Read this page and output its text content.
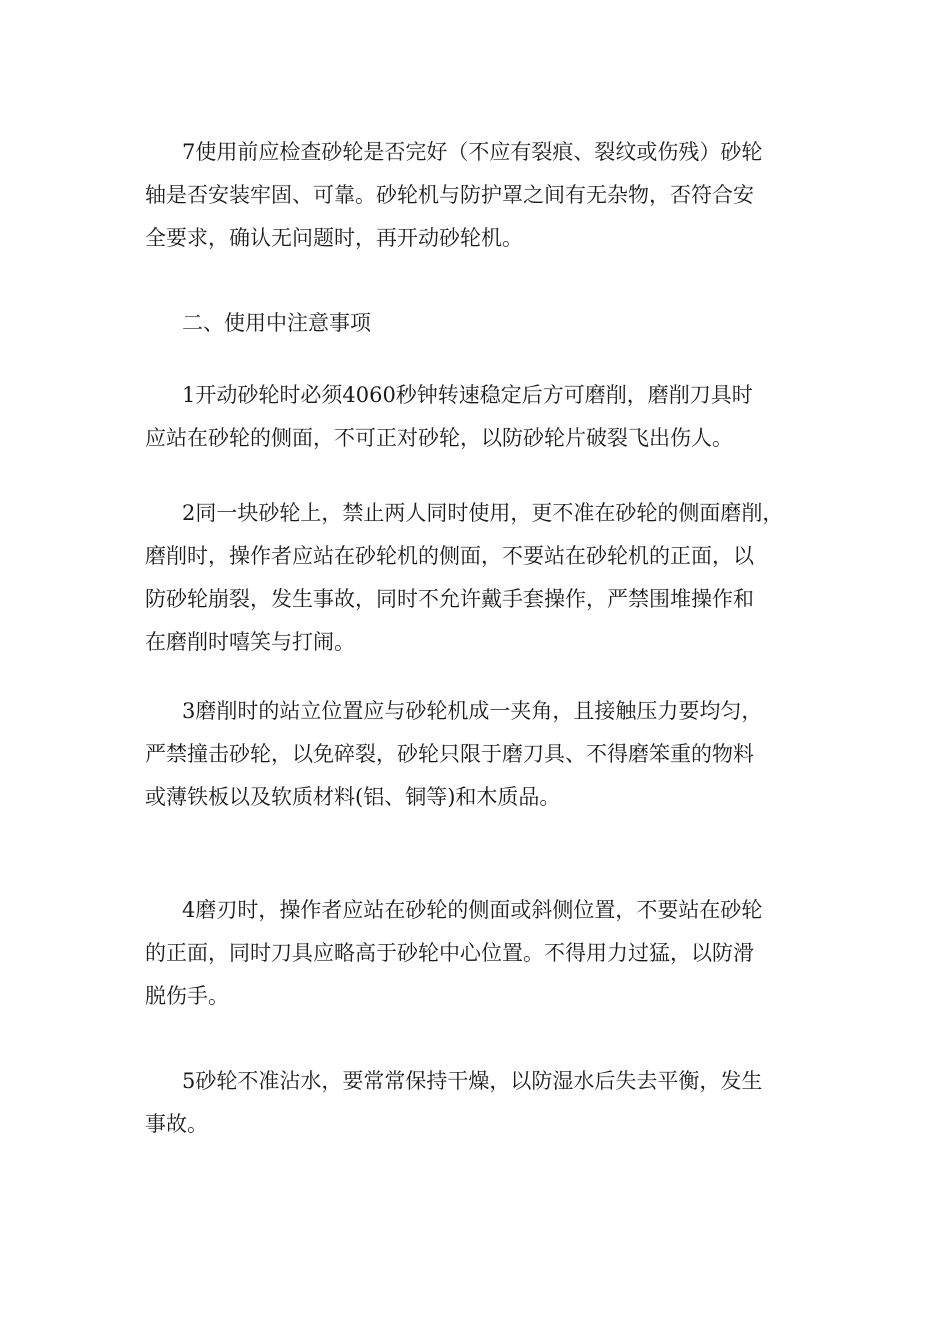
7使用前应检查砂轮是否完好（不应有裂痕、裂纹或伤残）砂轮
轴是否安装牢固、可靠。砂轮机与防护罩之间有无杂物，否符合安
全要求，确认无问题时，再开动砂轮机。

二、使用中注意事项

1开动砂轮时必须4060秒钟转速稳定后方可磨削，磨削刀具时
应站在砂轮的侧面，不可正对砂轮，以防砂轮片破裂飞出伤人。

2同一块砂轮上，禁止两人同时使用，更不准在砂轮的侧面磨削，
磨削时，操作者应站在砂轮机的侧面，不要站在砂轮机的正面，以
防砂轮崩裂，发生事故，同时不允许戴手套操作，严禁围堆操作和
在磨削时嘻笑与打闹。

3磨削时的站立位置应与砂轮机成一夹角，且接触压力要均匀，
严禁撞击砂轮，以免碎裂，砂轮只限于磨刀具、不得磨笨重的物料
或薄铁板以及软质材料(铝、铜等)和木质品。

4磨刃时，操作者应站在砂轮的侧面或斜侧位置，不要站在砂轮
的正面，同时刀具应略高于砂轮中心位置。不得用力过猛，以防滑
脱伤手。

5砂轮不准沾水，要常常保持干燥，以防湿水后失去平衡，发生
事故。
